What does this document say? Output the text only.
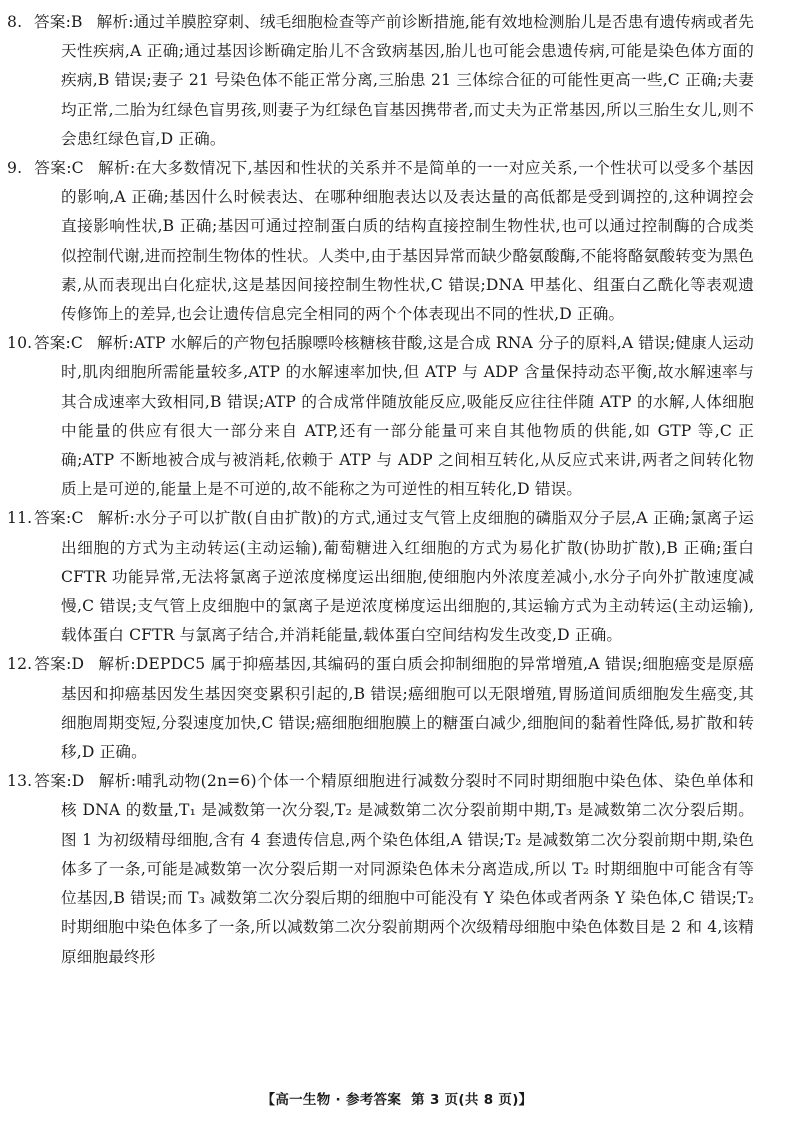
8. 答案:B 解析:通过羊膜腔穿刺、绒毛细胞检查等产前诊断措施,能有效地检测胎儿是否患有遗传病或者先天性疾病,A 正确;通过基因诊断确定胎儿不含致病基因,胎儿也可能会患遗传病,可能是染色体方面的疾病,B 错误;妻子 21 号染色体不能正常分离,三胎患 21 三体综合征的可能性更高一些,C 正确;夫妻均正常,二胎为红绿色盲男孩,则妻子为红绿色盲基因携带者,而丈夫为正常基因,所以三胎生女儿,则不会患红绿色盲,D 正确。

9. 答案:C 解析:在大多数情况下,基因和性状的关系并不是简单的一一对应关系,一个性状可以受多个基因的影响,A 正确;基因什么时候表达、在哪种细胞表达以及表达量的高低都是受到调控的,这种调控会直接影响性状,B 正确;基因可通过控制蛋白质的结构直接控制生物性状,也可以通过控制酶的合成类似控制代谢,进而控制生物体的性状。人类中,由于基因异常而缺少酪氨酸酶,不能将酪氨酸转变为黑色素,从而表现出白化症状,这是基因间接控制生物性状,C 错误;DNA 甲基化、组蛋白乙酰化等表观遗传修饰上的差异,也会让遗传信息完全相同的两个个体表现出不同的性状,D 正确。

10. 答案:C 解析:ATP 水解后的产物包括腺嘌呤核糖核苷酸,这是合成 RNA 分子的原料,A 错误;健康人运动时,肌肉细胞所需能量较多,ATP 的水解速率加快,但 ATP 与 ADP 含量保持动态平衡,故水解速率与其合成速率大致相同,B 错误;ATP 的合成常伴随放能反应,吸能反应往往伴随 ATP 的水解,人体细胞中能量的供应有很大一部分来自 ATP,还有一部分能量可来自其他物质的供能,如 GTP 等,C 正确;ATP 不断地被合成与被消耗,依赖于 ATP 与 ADP 之间相互转化,从反应式来讲,两者之间转化物质上是可逆的,能量上是不可逆的,故不能称之为可逆性的相互转化,D 错误。

11. 答案:C 解析:水分子可以扩散(自由扩散)的方式,通过支气管上皮细胞的磷脂双分子层,A 正确;氯离子运出细胞的方式为主动转运(主动运输),葡萄糖进入红细胞的方式为易化扩散(协助扩散),B 正确;蛋白 CFTR 功能异常,无法将氯离子逆浓度梯度运出细胞,使细胞内外浓度差减小,水分子向外扩散速度减慢,C 错误;支气管上皮细胞中的氯离子是逆浓度梯度运出细胞的,其运输方式为主动转运(主动运输),载体蛋白 CFTR 与氯离子结合,并消耗能量,载体蛋白空间结构发生改变,D 正确。

12. 答案:D 解析:DEPDC5 属于抑癌基因,其编码的蛋白质会抑制细胞的异常增殖,A 错误;细胞癌变是原癌基因和抑癌基因发生基因突变累积引起的,B 错误;癌细胞可以无限增殖,胃肠道间质细胞发生癌变,其细胞周期变短,分裂速度加快,C 错误;癌细胞细胞膜上的糖蛋白减少,细胞间的黏着性降低,易扩散和转移,D 正确。

13. 答案:D 解析:哺乳动物(2n=6)个体一个精原细胞进行减数分裂时不同时期细胞中染色体、染色单体和核 DNA 的数量,T₁ 是减数第一次分裂,T₂ 是减数第二次分裂前期中期,T₃ 是减数第二次分裂后期。图 1 为初级精母细胞,含有 4 套遗传信息,两个染色体组,A 错误;T₂ 是减数第二次分裂前期中期,染色体多了一条,可能是减数第一次分裂后期一对同源染色体未分离造成,所以 T₂ 时期细胞中可能含有等位基因,B 错误;而 T₃ 减数第二次分裂后期的细胞中可能没有 Y 染色体或者两条 Y 染色体,C 错误;T₂ 时期细胞中染色体多了一条,所以减数第二次分裂前期两个次级精母细胞中染色体数目是 2 和 4,该精原细胞最终形

【高一生物 · 参考答案 第 3 页(共 8 页)】
